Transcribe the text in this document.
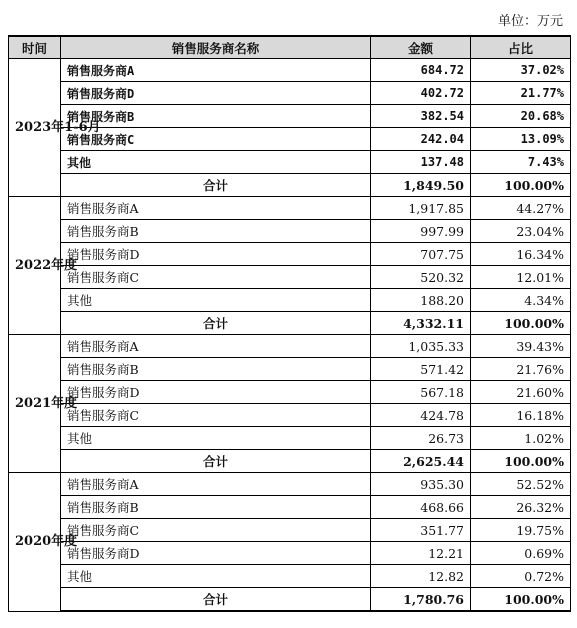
单位：万元
时间	销售服务商名称	金额	占比
2023年1-6月	销售服务商A	684.72	37.02%
	销售服务商D	402.72	21.77%
	销售服务商B	382.54	20.68%
	销售服务商C	242.04	13.09%
	其他	137.48	7.43%
	合计	1,849.50	100.00%
2022年度	销售服务商A	1,917.85	44.27%
	销售服务商B	997.99	23.04%
	销售服务商D	707.75	16.34%
	销售服务商C	520.32	12.01%
	其他	188.20	4.34%
	合计	4,332.11	100.00%
2021年度	销售服务商A	1,035.33	39.43%
	销售服务商B	571.42	21.76%
	销售服务商D	567.18	21.60%
	销售服务商C	424.78	16.18%
	其他	26.73	1.02%
	合计	2,625.44	100.00%
2020年度	销售服务商A	935.30	52.52%
	销售服务商B	468.66	26.32%
	销售服务商C	351.77	19.75%
	销售服务商D	12.21	0.69%
	其他	12.82	0.72%
	合计	1,780.76	100.00%
